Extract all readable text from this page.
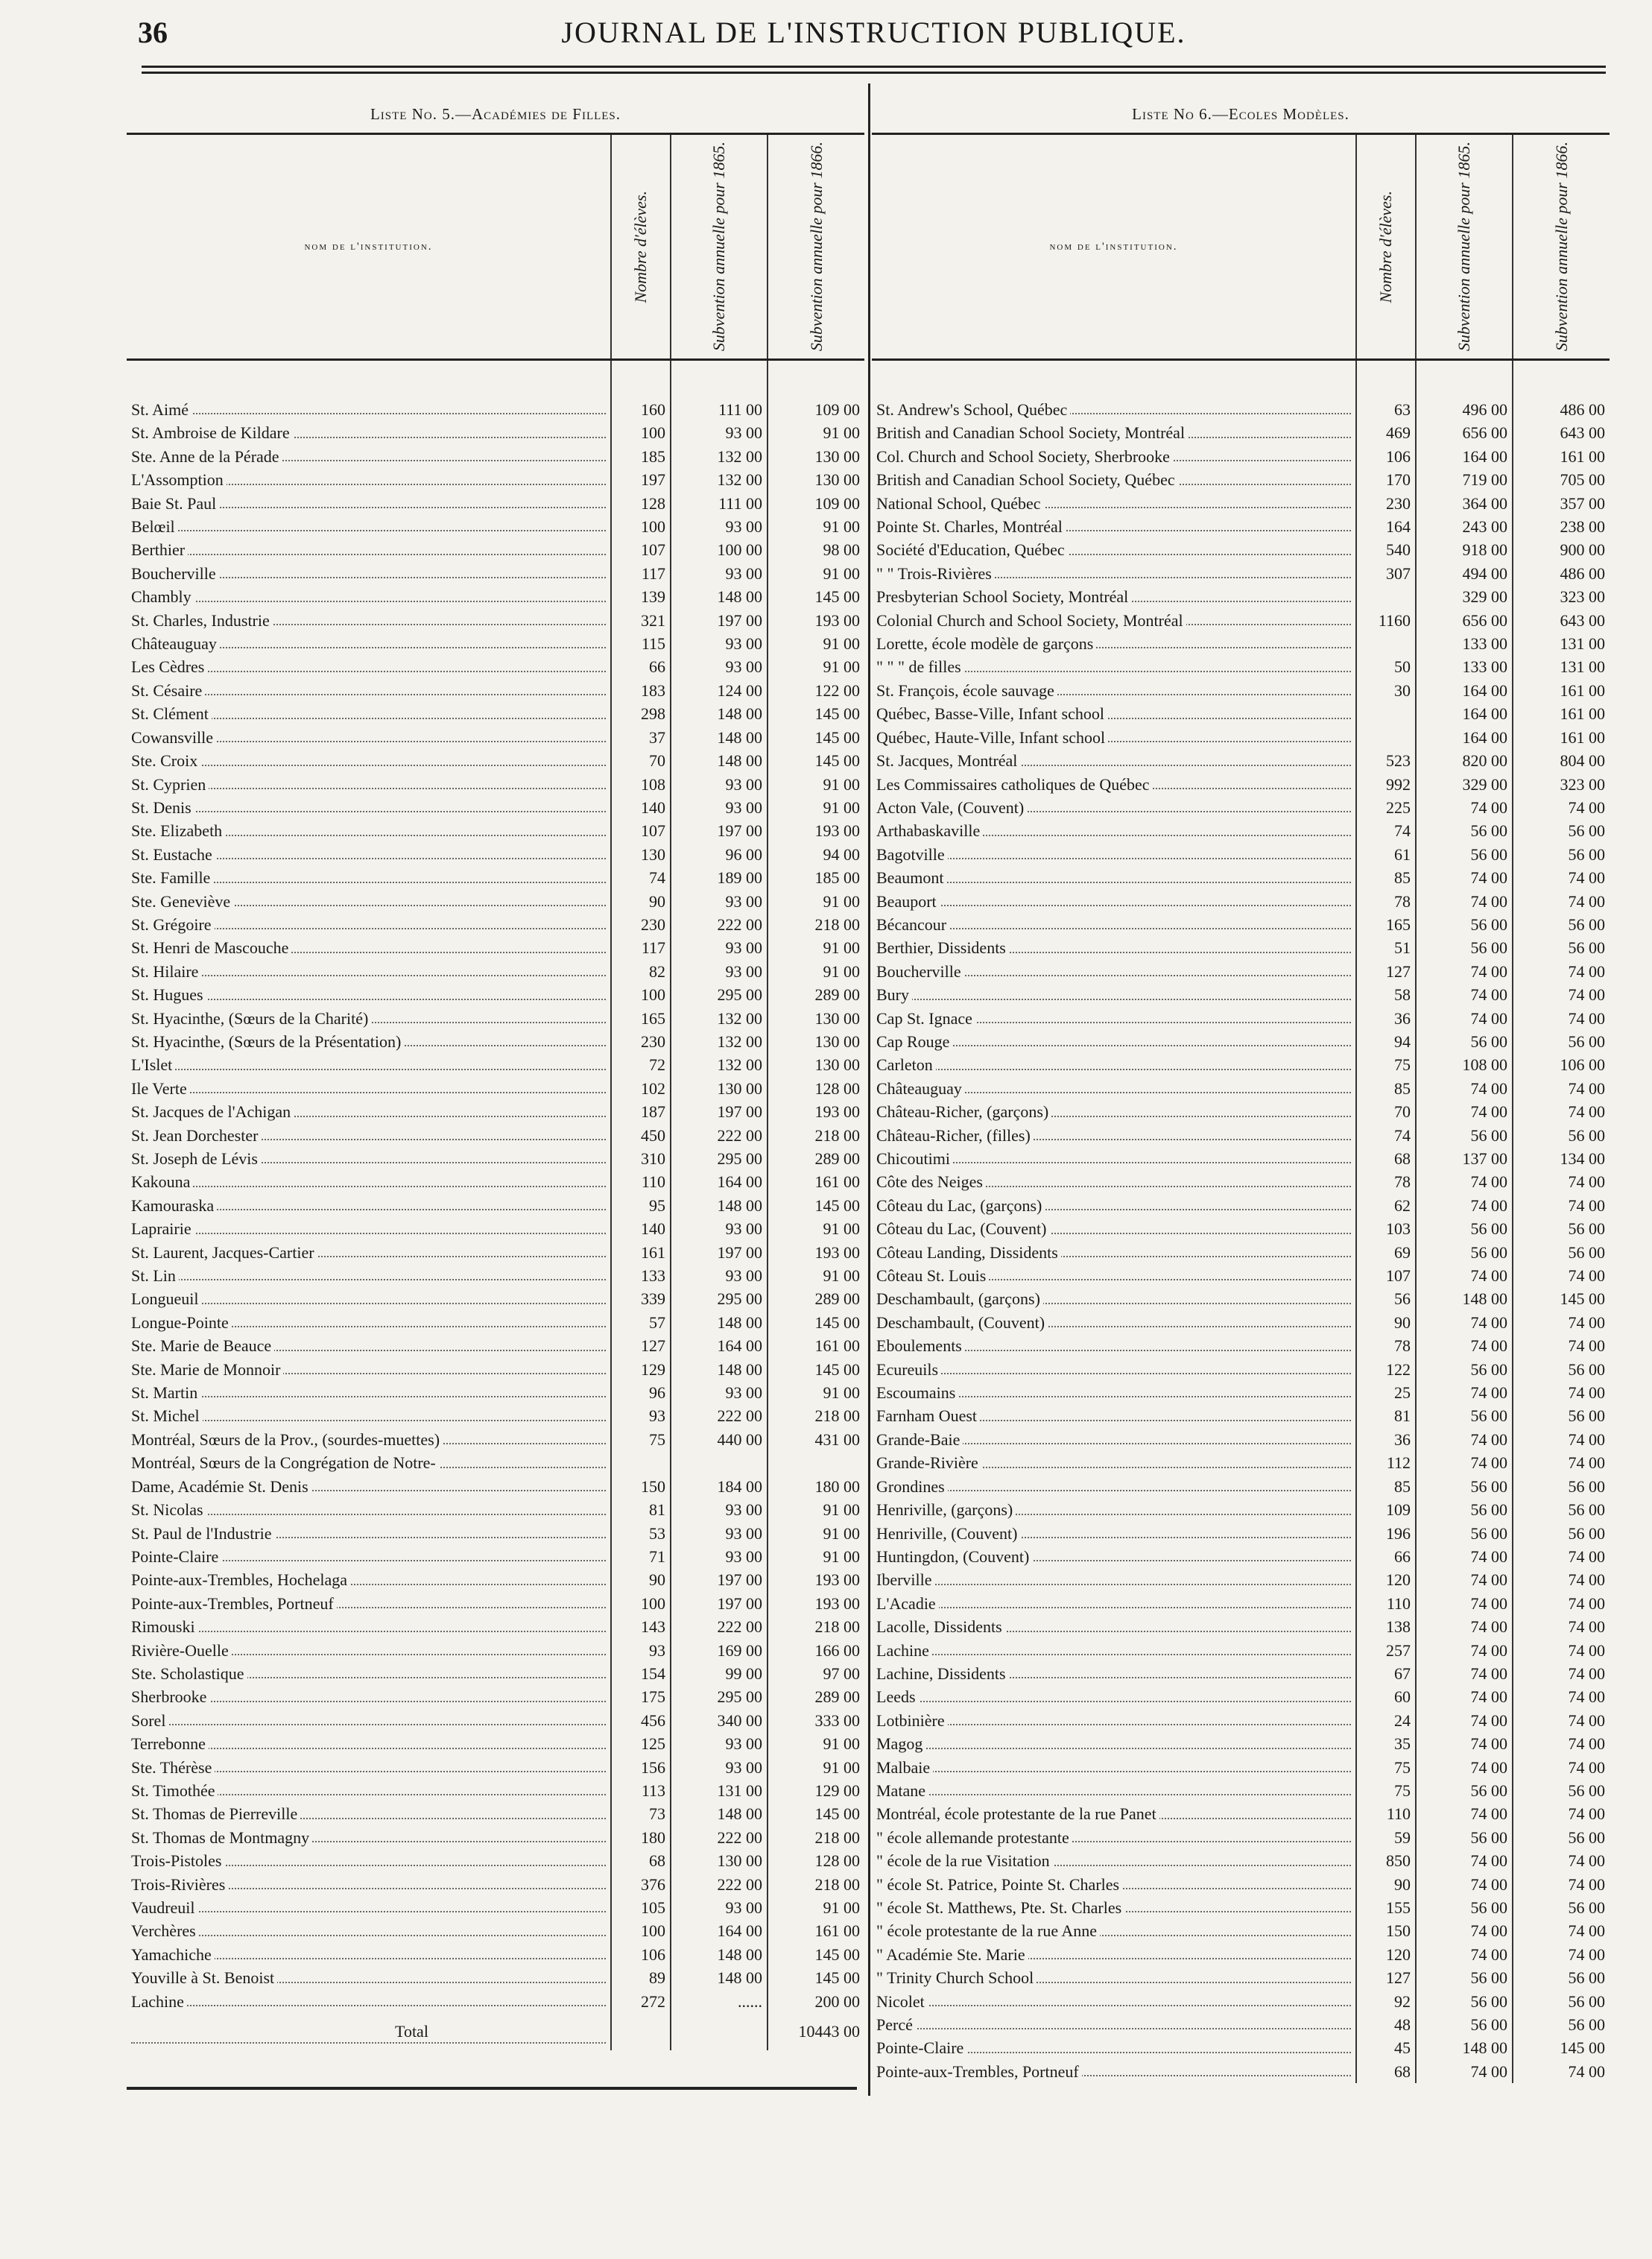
36	JOURNAL DE L'INSTRUCTION PUBLIQUE.
Liste No. 5.—Académies de Filles.
nom de l'institution.	Nombre d'élèves.	Subvention annuelle pour 1865.	Subvention annuelle pour 1866.

St. Aimé	160	111 00	109 00
St. Ambroise de Kildare	100	93 00	91 00
Ste. Anne de la Pérade	185	132 00	130 00
L'Assomption	197	132 00	130 00
Baie St. Paul	128	111 00	109 00
Belœil	100	93 00	91 00
Berthier	107	100 00	98 00
Boucherville	117	93 00	91 00
Chambly	139	148 00	145 00
St. Charles, Industrie	321	197 00	193 00
Châteauguay	115	93 00	91 00
Les Cèdres	66	93 00	91 00
St. Césaire	183	124 00	122 00
St. Clément	298	148 00	145 00
Cowansville	37	148 00	145 00
Ste. Croix	70	148 00	145 00
St. Cyprien	108	93 00	91 00
St. Denis	140	93 00	91 00
Ste. Elizabeth	107	197 00	193 00
St. Eustache	130	96 00	94 00
Ste. Famille	74	189 00	185 00
Ste. Geneviève	90	93 00	91 00
St. Grégoire	230	222 00	218 00
St. Henri de Mascouche	117	93 00	91 00
St. Hilaire	82	93 00	91 00
St. Hugues	100	295 00	289 00
St. Hyacinthe, (Sœurs de la Charité)	165	132 00	130 00
St. Hyacinthe, (Sœurs de la Présentation)	230	132 00	130 00
L'Islet	72	132 00	130 00
Ile Verte	102	130 00	128 00
St. Jacques de l'Achigan	187	197 00	193 00
St. Jean Dorchester	450	222 00	218 00
St. Joseph de Lévis	310	295 00	289 00
Kakouna	110	164 00	161 00
Kamouraska	95	148 00	145 00
Laprairie	140	93 00	91 00
St. Laurent, Jacques-Cartier	161	197 00	193 00
St. Lin	133	93 00	91 00
Longueuil	339	295 00	289 00
Longue-Pointe	57	148 00	145 00
Ste. Marie de Beauce	127	164 00	161 00
Ste. Marie de Monnoir	129	148 00	145 00
St. Martin	96	93 00	91 00
St. Michel	93	222 00	218 00
Montréal, Sœurs de la Prov., (sourdes-muettes)	75	440 00	431 00
Montréal, Sœurs de la Congrégation de Notre-			
Dame, Académie St. Denis	150	184 00	180 00
St. Nicolas	81	93 00	91 00
St. Paul de l'Industrie	53	93 00	91 00
Pointe-Claire	71	93 00	91 00
Pointe-aux-Trembles, Hochelaga	90	197 00	193 00
Pointe-aux-Trembles, Portneuf	100	197 00	193 00
Rimouski	143	222 00	218 00
Rivière-Ouelle	93	169 00	166 00
Ste. Scholastique	154	99 00	97 00
Sherbrooke	175	295 00	289 00
Sorel	456	340 00	333 00
Terrebonne	125	93 00	91 00
Ste. Thérèse	156	93 00	91 00
St. Timothée	113	131 00	129 00
St. Thomas de Pierreville	73	148 00	145 00
St. Thomas de Montmagny	180	222 00	218 00
Trois-Pistoles	68	130 00	128 00
Trois-Rivières	376	222 00	218 00
Vaudreuil	105	93 00	91 00
Verchères	100	164 00	161 00
Yamachiche	106	148 00	145 00
Youville à St. Benoist	89	148 00	145 00
Lachine	272	......	200 00
Total			10443 00
Liste No 6.—Ecoles Modèles.
nom de l'institution.	Nombre d'élèves.	Subvention annuelle pour 1865.	Subvention annuelle pour 1866.

St. Andrew's School, Québec	63	496 00	486 00
British and Canadian School Society, Montréal	469	656 00	643 00
Col. Church and School Society, Sherbrooke	106	164 00	161 00
British and Canadian School Society, Québec	170	719 00	705 00
National School, Québec	230	364 00	357 00
Pointe St. Charles, Montréal	164	243 00	238 00
Société d'Education, Québec	540	918 00	900 00
" " Trois-Rivières	307	494 00	486 00
Presbyterian School Society, Montréal		329 00	323 00
Colonial Church and School Society, Montréal	1160	656 00	643 00
Lorette, école modèle de garçons		133 00	131 00
" " " de filles	50	133 00	131 00
St. François, école sauvage	30	164 00	161 00
Québec, Basse-Ville, Infant school		164 00	161 00
Québec, Haute-Ville, Infant school		164 00	161 00
St. Jacques, Montréal	523	820 00	804 00
Les Commissaires catholiques de Québec	992	329 00	323 00
Acton Vale, (Couvent)	225	74 00	74 00
Arthabaskaville	74	56 00	56 00
Bagotville	61	56 00	56 00
Beaumont	85	74 00	74 00
Beauport	78	74 00	74 00
Bécancour	165	56 00	56 00
Berthier, Dissidents	51	56 00	56 00
Boucherville	127	74 00	74 00
Bury	58	74 00	74 00
Cap St. Ignace	36	74 00	74 00
Cap Rouge	94	56 00	56 00
Carleton	75	108 00	106 00
Châteauguay	85	74 00	74 00
Château-Richer, (garçons)	70	74 00	74 00
Château-Richer, (filles)	74	56 00	56 00
Chicoutimi	68	137 00	134 00
Côte des Neiges	78	74 00	74 00
Côteau du Lac, (garçons)	62	74 00	74 00
Côteau du Lac, (Couvent)	103	56 00	56 00
Côteau Landing, Dissidents	69	56 00	56 00
Côteau St. Louis	107	74 00	74 00
Deschambault, (garçons)	56	148 00	145 00
Deschambault, (Couvent)	90	74 00	74 00
Eboulements	78	74 00	74 00
Ecureuils	122	56 00	56 00
Escoumains	25	74 00	74 00
Farnham Ouest	81	56 00	56 00
Grande-Baie	36	74 00	74 00
Grande-Rivière	112	74 00	74 00
Grondines	85	56 00	56 00
Henriville, (garçons)	109	56 00	56 00
Henriville, (Couvent)	196	56 00	56 00
Huntingdon, (Couvent)	66	74 00	74 00
Iberville	120	74 00	74 00
L'Acadie	110	74 00	74 00
Lacolle, Dissidents	138	74 00	74 00
Lachine	257	74 00	74 00
Lachine, Dissidents	67	74 00	74 00
Leeds	60	74 00	74 00
Lotbinière	24	74 00	74 00
Magog	35	74 00	74 00
Malbaie	75	74 00	74 00
Matane	75	56 00	56 00
Montréal, école protestante de la rue Panet	110	74 00	74 00
" école allemande protestante	59	56 00	56 00
" école de la rue Visitation	850	74 00	74 00
" école St. Patrice, Pointe St. Charles	90	74 00	74 00
" école St. Matthews, Pte. St. Charles	155	56 00	56 00
" école protestante de la rue Anne	150	74 00	74 00
" Académie Ste. Marie	120	74 00	74 00
" Trinity Church School	127	56 00	56 00
Nicolet	92	56 00	56 00
Percé	48	56 00	56 00
Pointe-Claire	45	148 00	145 00
Pointe-aux-Trembles, Portneuf	68	74 00	74 00
